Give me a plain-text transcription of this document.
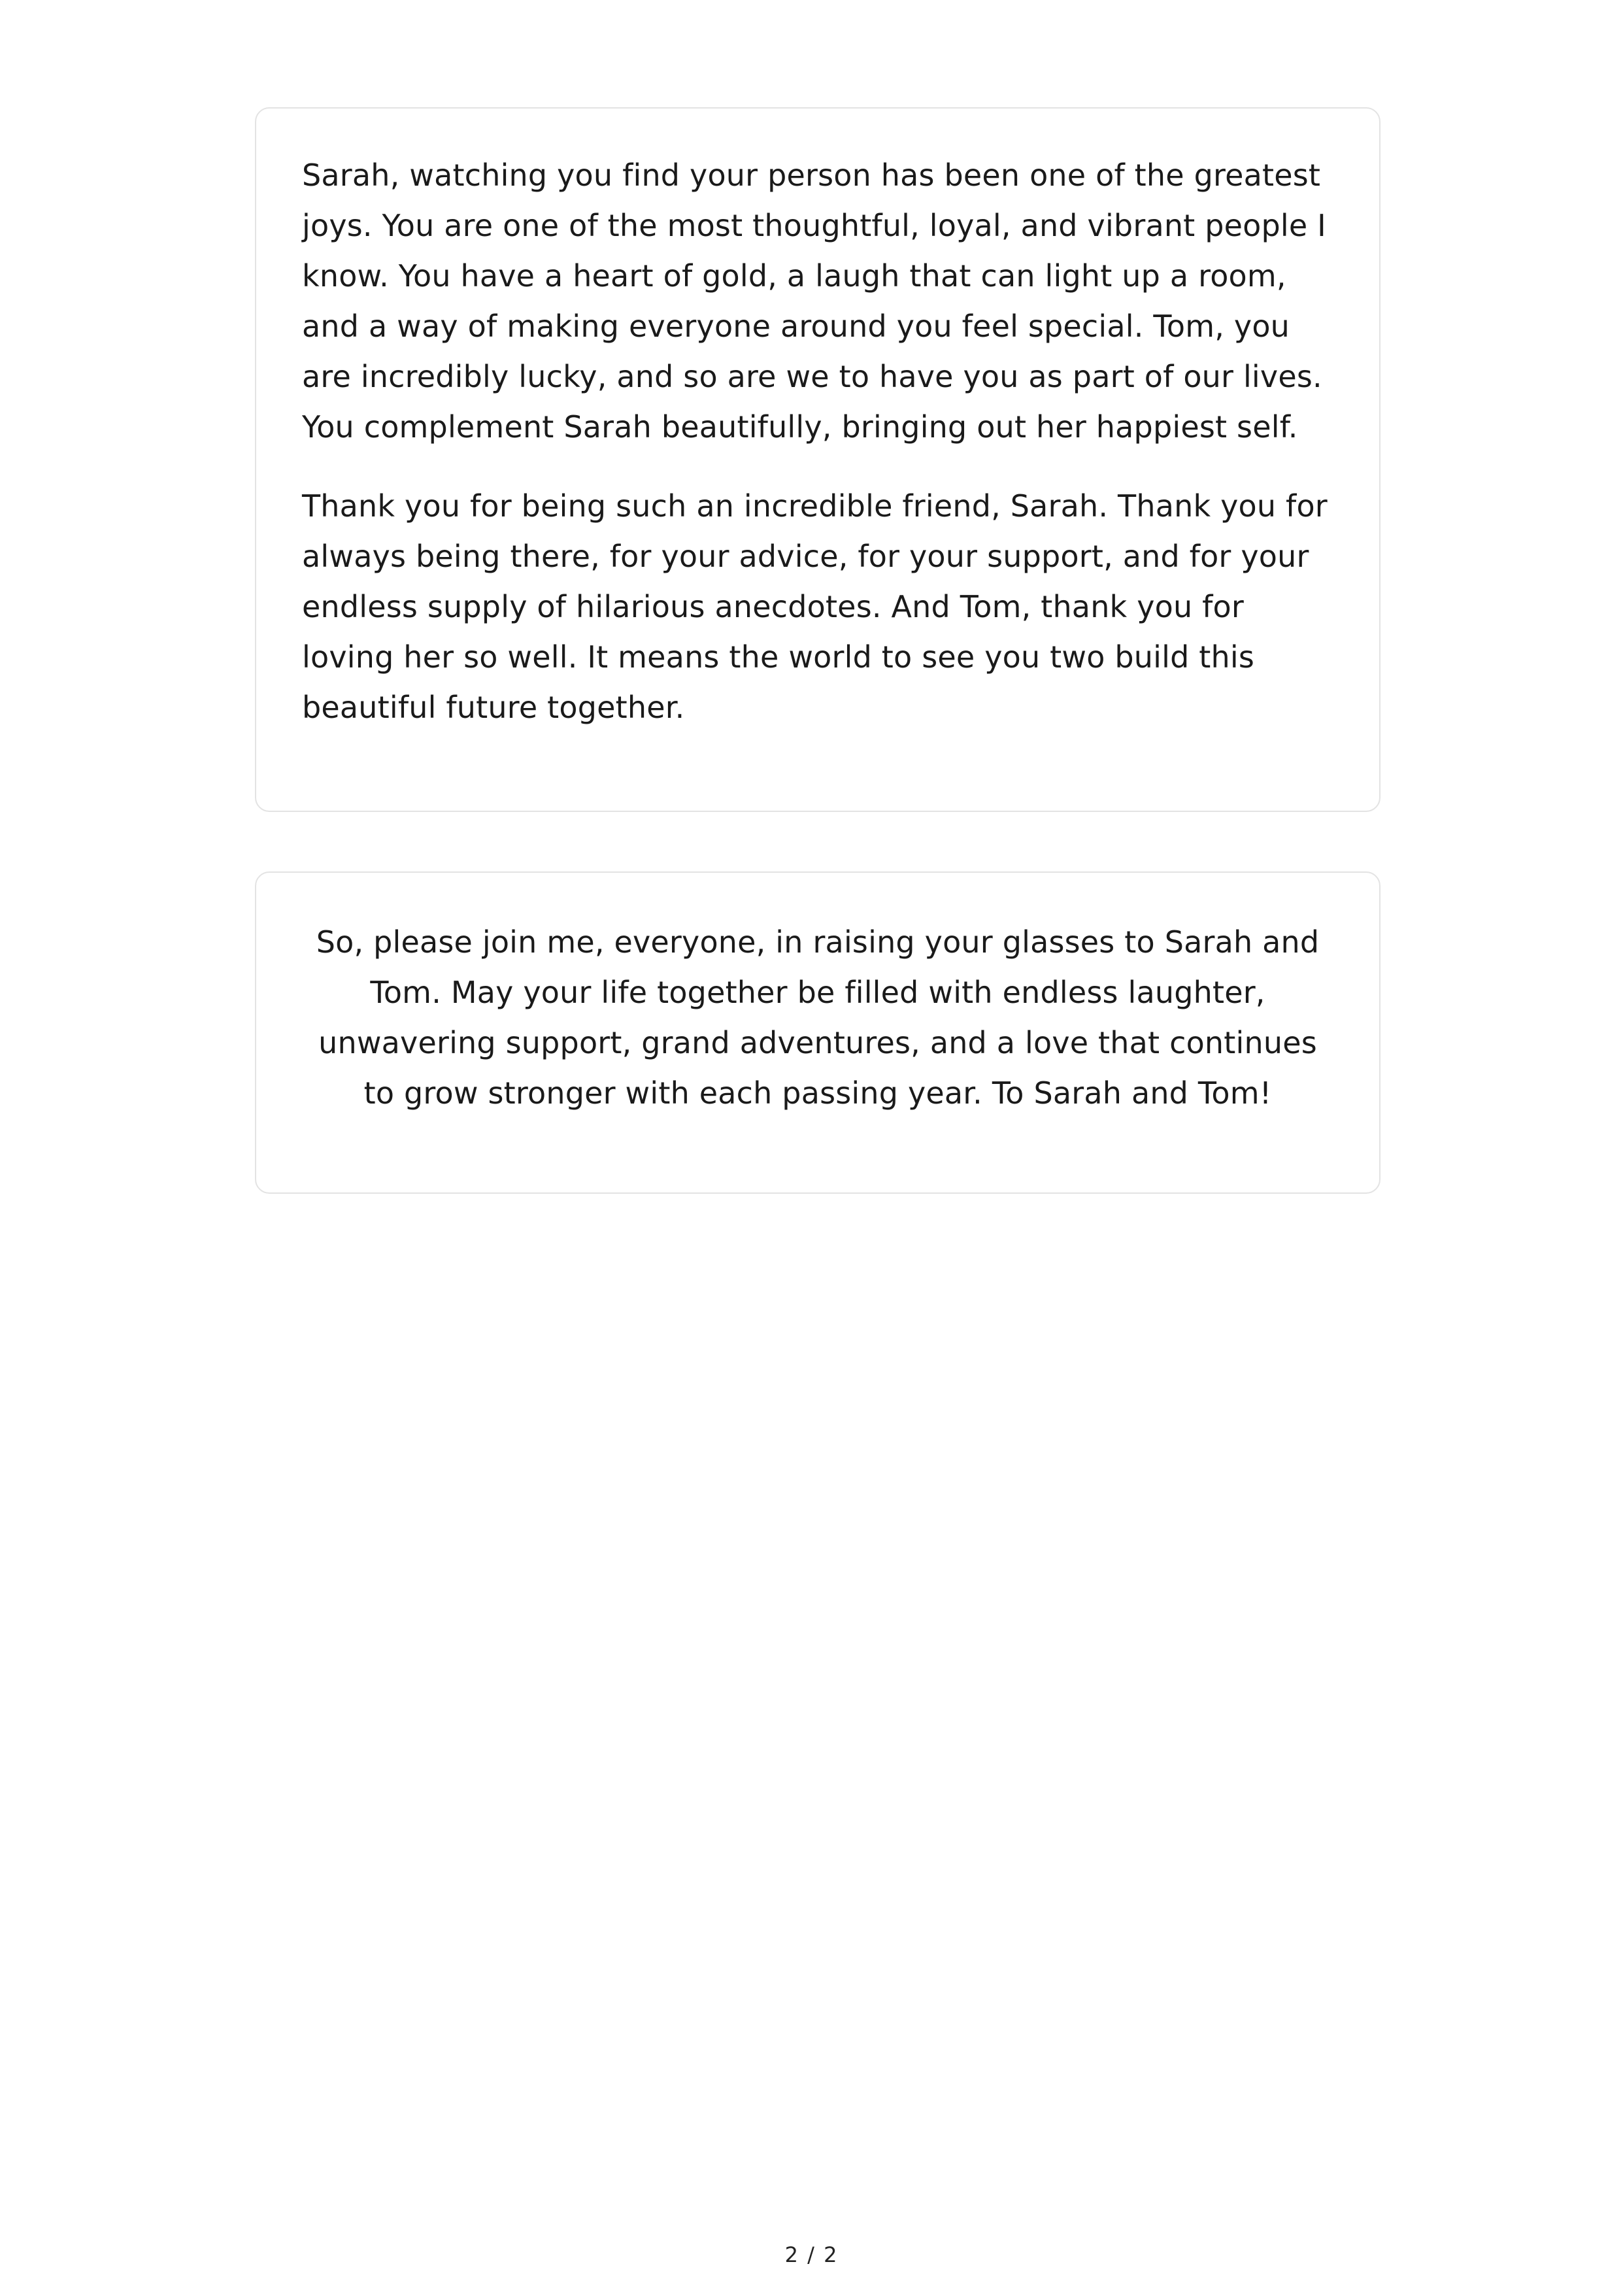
Sarah, watching you find your person has been one of the greatest joys. You are one of the most thoughtful, loyal, and vibrant people I know. You have a heart of gold, a laugh that can light up a room, and a way of making everyone around you feel special. Tom, you are incredibly lucky, and so are we to have you as part of our lives. You complement Sarah beautifully, bringing out her happiest self.

Thank you for being such an incredible friend, Sarah. Thank you for always being there, for your advice, for your support, and for your endless supply of hilarious anecdotes. And Tom, thank you for loving her so well. It means the world to see you two build this beautiful future together.

So, please join me, everyone, in raising your glasses to Sarah and Tom. May your life together be filled with endless laughter, unwavering support, grand adventures, and a love that continues to grow stronger with each passing year. To Sarah and Tom!

2 / 2
